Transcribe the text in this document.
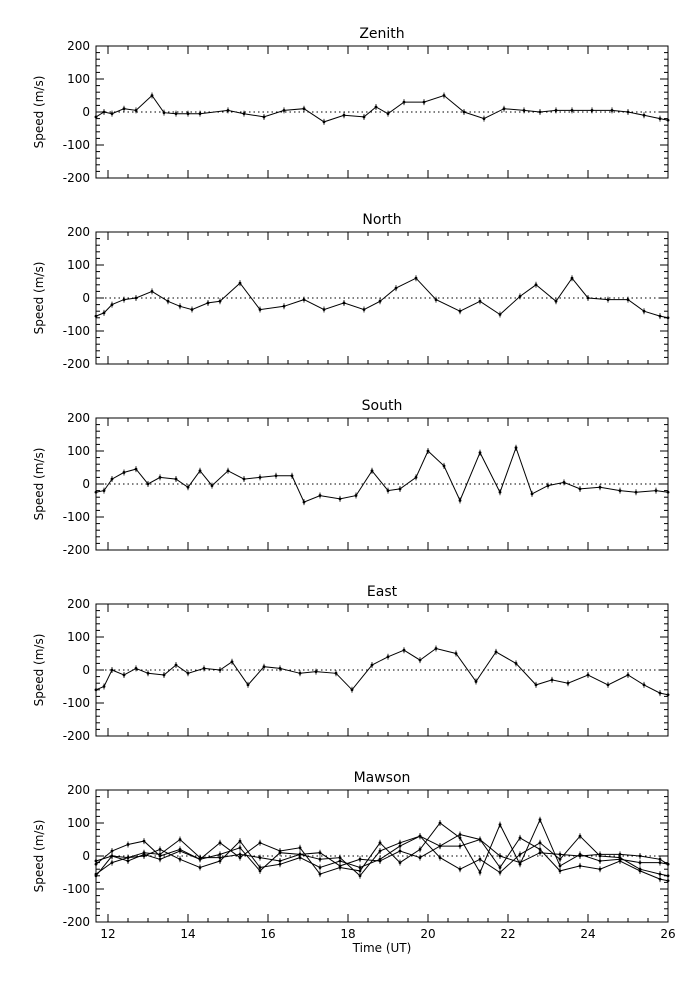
Zenith
200
100
0
-100
-200
Speed (m/s)
North
200
100
0
-100
-200
Speed (m/s)
South
200
100
0
-100
-200
Speed (m/s)
East
200
100
0
-100
-200
Speed (m/s)
Mawson
200
100
0
-100
-200
12	14	16	18	20	22	24	26
Time (UT)
Speed (m/s)
